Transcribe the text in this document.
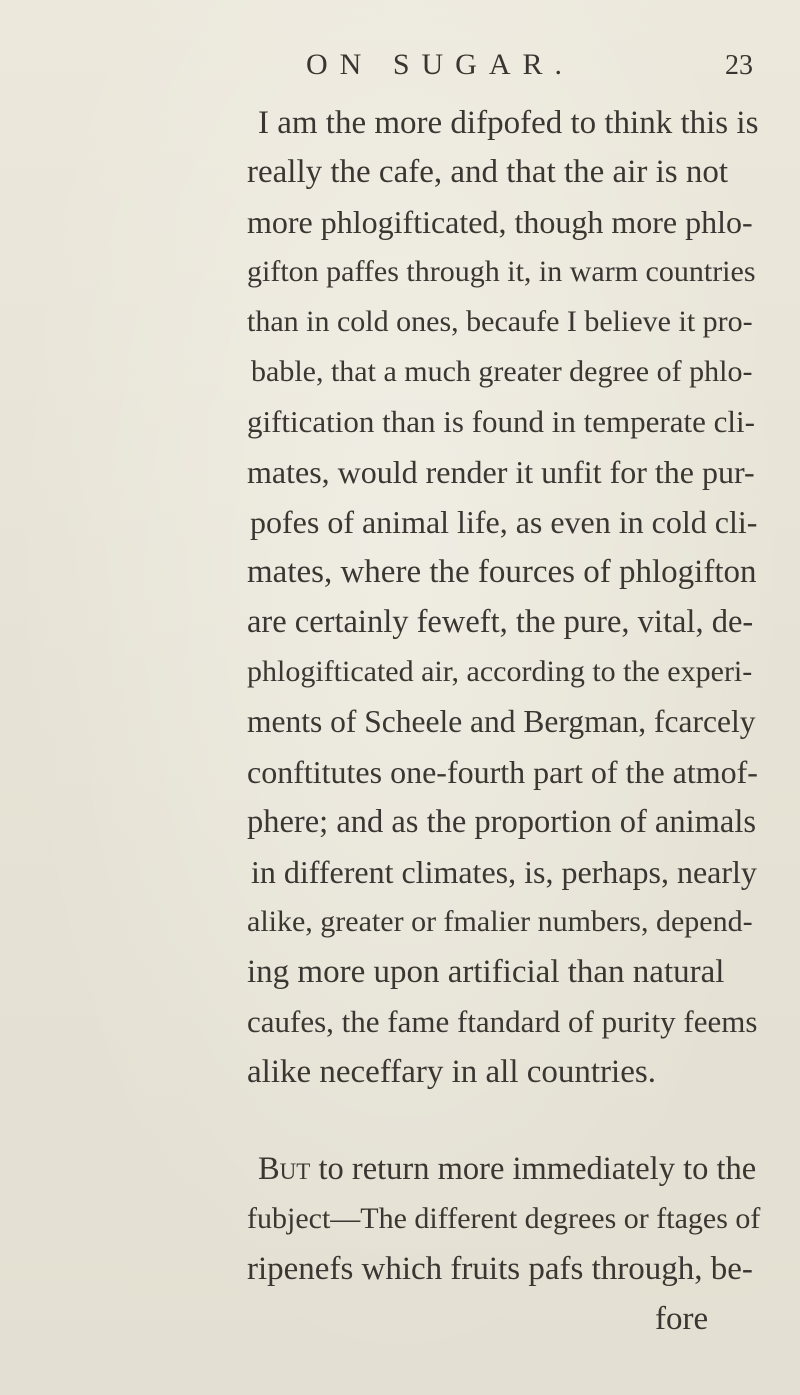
ON SUGAR.	23
I am the more difpofed to think this is
really the cafe, and that the air is not
more phlogifticated, though more phlo-
gifton paffes through it, in warm countries
than in cold ones, becaufe I believe it pro-
bable, that a much greater degree of phlo-
giftication than is found in temperate cli-
mates, would render it unfit for the pur-
pofes of animal life, as even in cold cli-
mates, where the fources of phlogifton
are certainly feweft, the pure, vital, de-
phlogifticated air, according to the experi-
ments of Scheele and Bergman, fcarcely
conftitutes one-fourth part of the atmof-
phere; and as the proportion of animals
in different climates, is, perhaps, nearly
alike, greater or fmalier numbers, depend-
ing more upon artificial than natural
caufes, the fame ftandard of purity feems
alike neceffary in all countries.
But to return more immediately to the
fubject—The different degrees or ftages of
ripenefs which fruits pafs through, be-
fore
